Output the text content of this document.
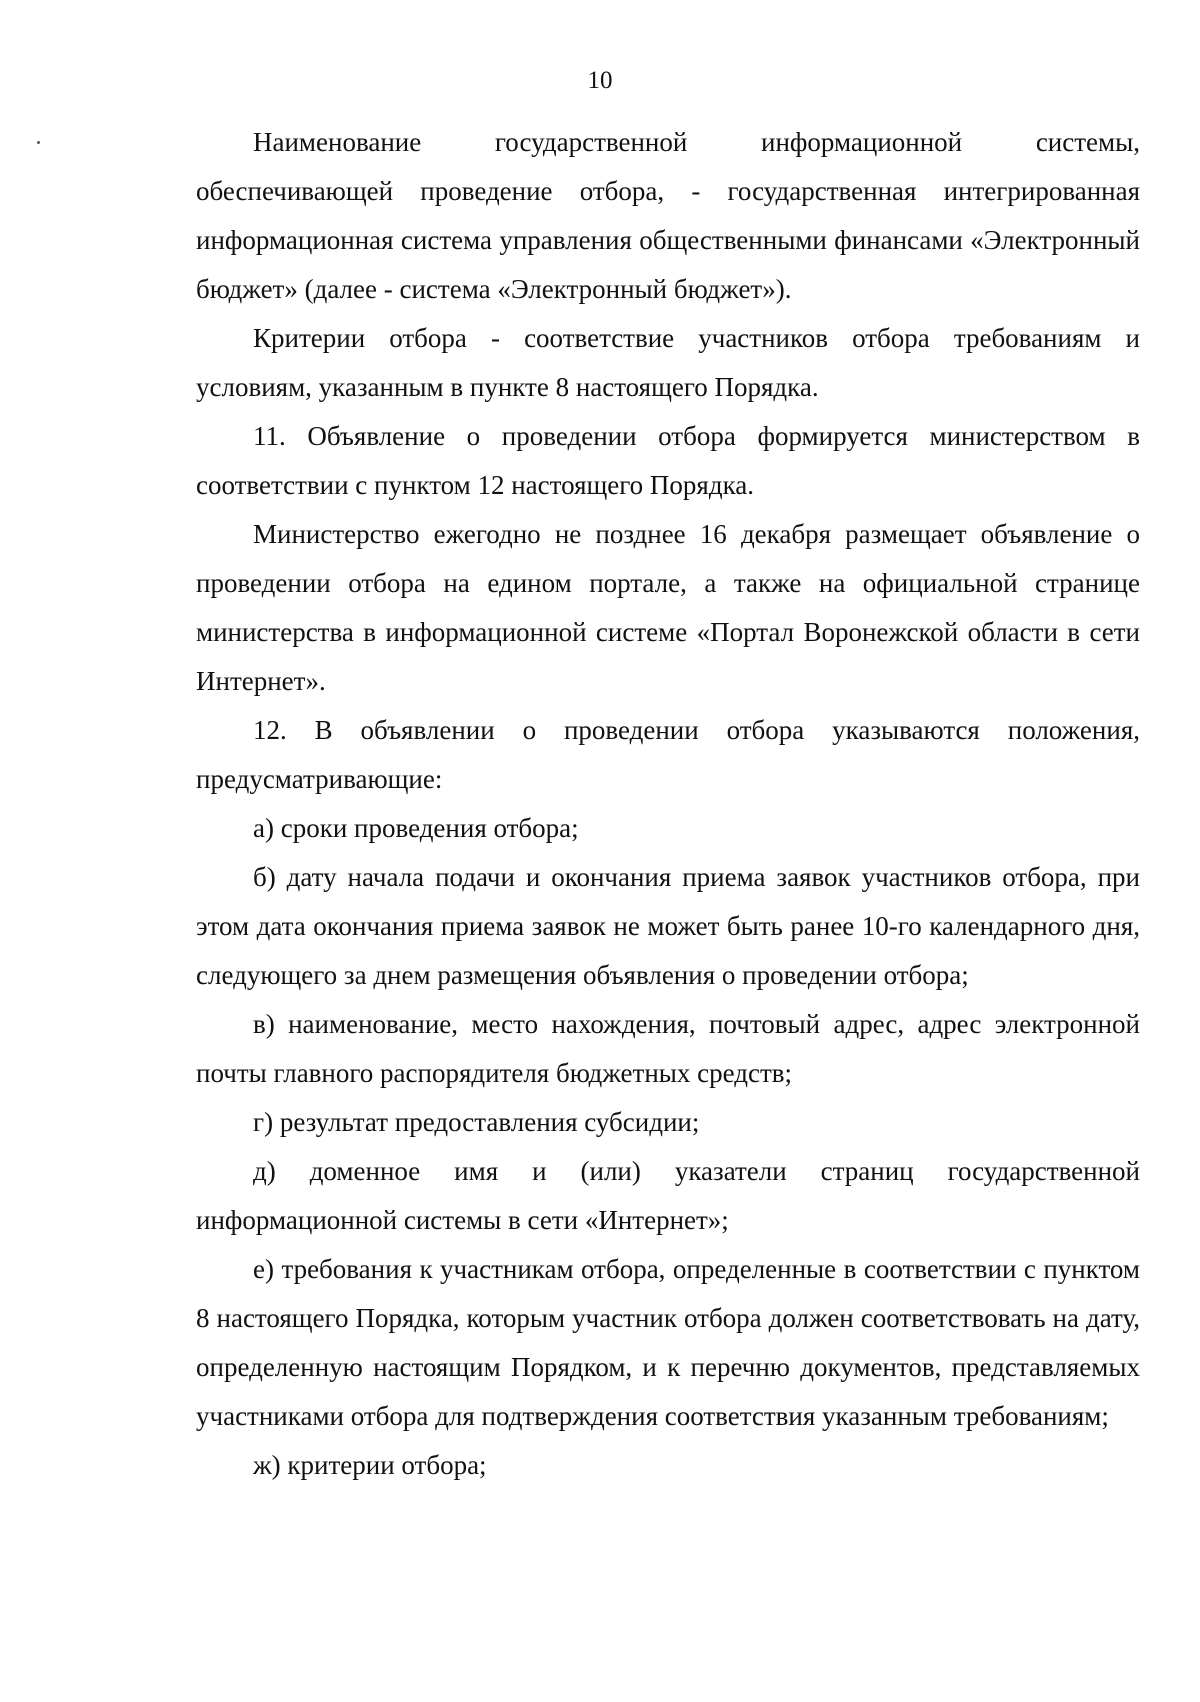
10

Наименование государственной информационной системы, обеспечивающей проведение отбора, - государственная интегрированная информационная система управления общественными финансами «Электронный бюджет» (далее - система «Электронный бюджет»).

Критерии отбора - соответствие участников отбора требованиям и условиям, указанным в пункте 8 настоящего Порядка.

11. Объявление о проведении отбора формируется министерством в соответствии с пунктом 12 настоящего Порядка.

Министерство ежегодно не позднее 16 декабря размещает объявление о проведении отбора на едином портале, а также на официальной странице министерства в информационной системе «Портал Воронежской области в сети Интернет».

12. В объявлении о проведении отбора указываются положения, предусматривающие:

а) сроки проведения отбора;

б) дату начала подачи и окончания приема заявок участников отбора, при этом дата окончания приема заявок не может быть ранее 10-го календарного дня, следующего за днем размещения объявления о проведении отбора;

в) наименование, место нахождения, почтовый адрес, адрес электронной почты главного распорядителя бюджетных средств;

г) результат предоставления субсидии;

д) доменное имя и (или) указатели страниц государственной информационной системы в сети «Интернет»;

е) требования к участникам отбора, определенные в соответствии с пунктом 8 настоящего Порядка, которым участник отбора должен соответствовать на дату, определенную настоящим Порядком, и к перечню документов, представляемых участниками отбора для подтверждения соответствия указанным требованиям;

ж) критерии отбора;
